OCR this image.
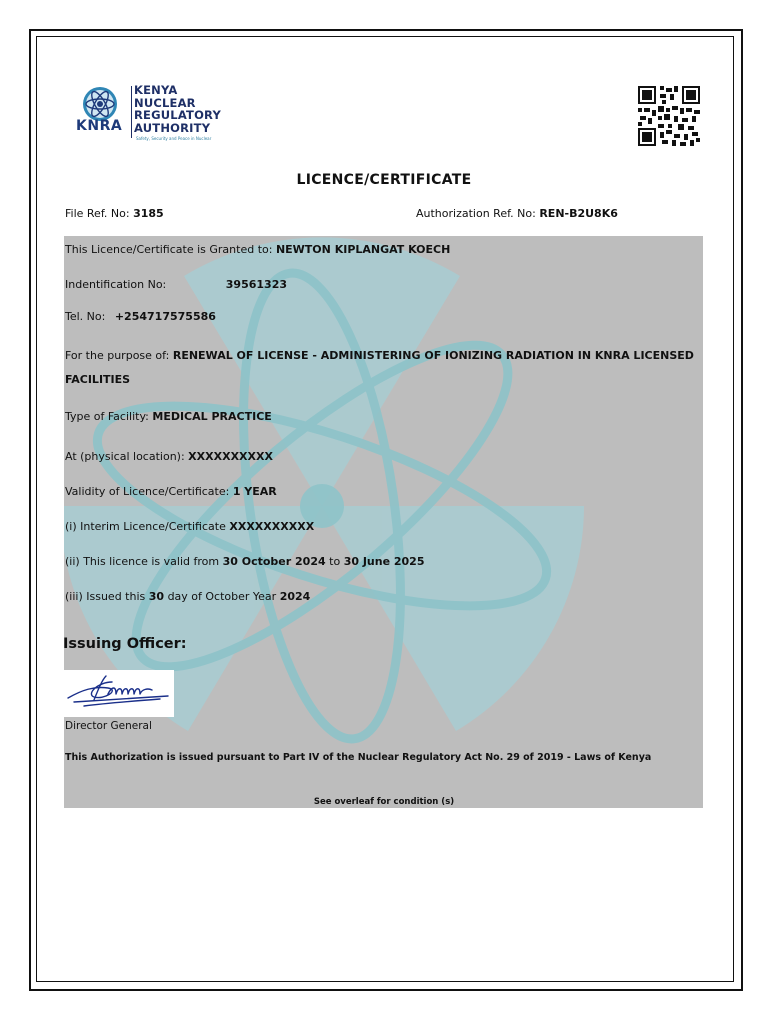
KNRA
KENYA
NUCLEAR
REGULATORY
AUTHORITY
Safety, Security and Peace in Nuclear
LICENCE/CERTIFICATE
File Ref. No: 3185	Authorization Ref. No: REN-B2U8K6
This Licence/Certificate is Granted to: NEWTON KIPLANGAT KOECH
Indentification No:	39561323
Tel. No: +254717575586
For the purpose of: RENEWAL OF LICENSE - ADMINISTERING OF IONIZING RADIATION IN KNRA LICENSED FACILITIES
Type of Facility: MEDICAL PRACTICE
At (physical location): XXXXXXXXXX
Validity of Licence/Certificate: 1 YEAR
(i) Interim Licence/Certificate XXXXXXXXXX
(ii) This licence is valid from 30 October 2024 to 30 June 2025
(iii) Issued this 30 day of October Year 2024
Issuing Officer:
Director General
This Authorization is issued pursuant to Part IV of the Nuclear Regulatory Act No. 29 of 2019 - Laws of Kenya
See overleaf for condition (s)
